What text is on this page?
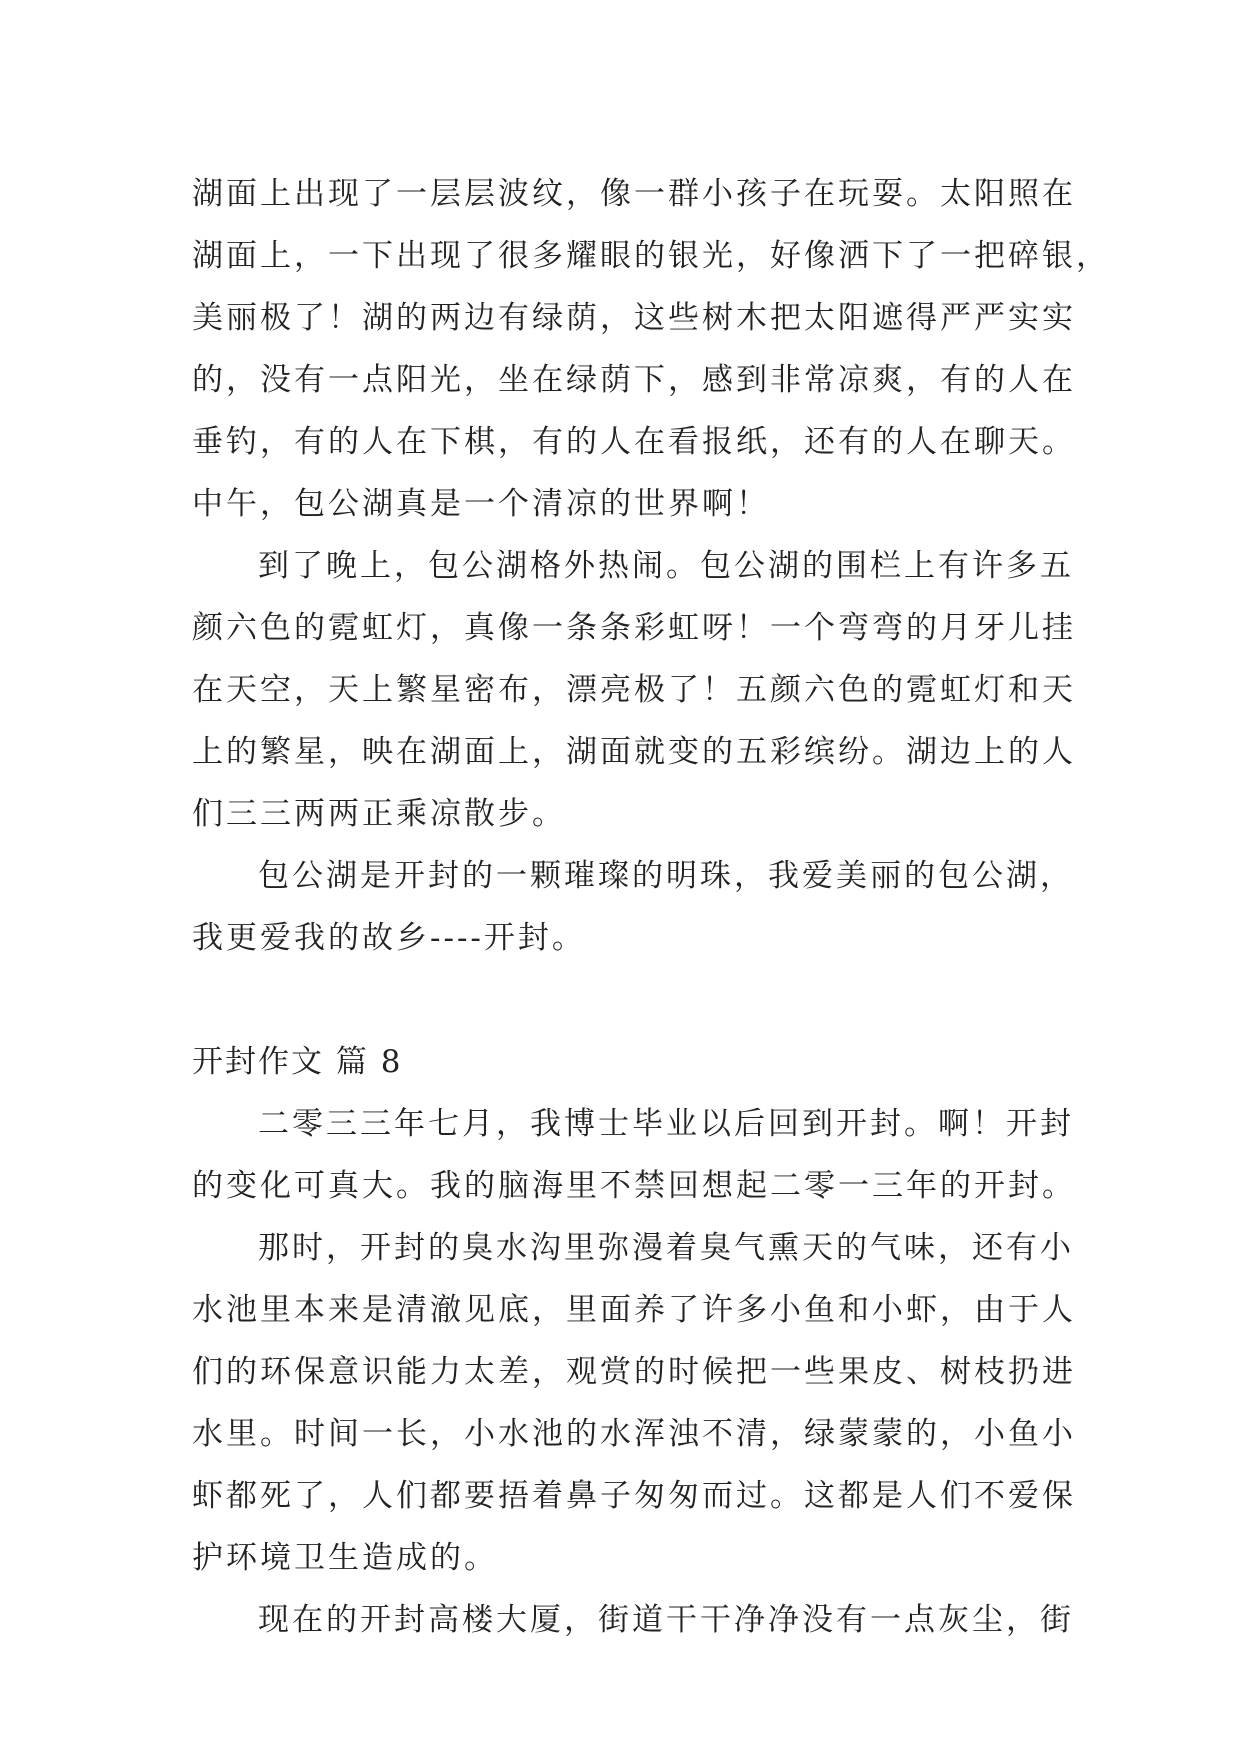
湖面上出现了一层层波纹，像一群小孩子在玩耍。太阳照在
湖面上，一下出现了很多耀眼的银光，好像洒下了一把碎银，
美丽极了！湖的两边有绿荫，这些树木把太阳遮得严严实实
的，没有一点阳光，坐在绿荫下，感到非常凉爽，有的人在
垂钓，有的人在下棋，有的人在看报纸，还有的人在聊天。
中午，包公湖真是一个清凉的世界啊！
到了晚上，包公湖格外热闹。包公湖的围栏上有许多五
颜六色的霓虹灯，真像一条条彩虹呀！一个弯弯的月牙儿挂
在天空，天上繁星密布，漂亮极了！五颜六色的霓虹灯和天
上的繁星，映在湖面上，湖面就变的五彩缤纷。湖边上的人
们三三两两正乘凉散步。
包公湖是开封的一颗璀璨的明珠，我爱美丽的包公湖，
我更爱我的故乡----开封。
开封作文 篇 8
二零三三年七月，我博士毕业以后回到开封。啊！开封
的变化可真大。我的脑海里不禁回想起二零一三年的开封。
那时，开封的臭水沟里弥漫着臭气熏天的气味，还有小
水池里本来是清澈见底，里面养了许多小鱼和小虾，由于人
们的环保意识能力太差，观赏的时候把一些果皮、树枝扔进
水里。时间一长，小水池的水浑浊不清，绿蒙蒙的，小鱼小
虾都死了，人们都要捂着鼻子匆匆而过。这都是人们不爱保
护环境卫生造成的。
现在的开封高楼大厦，街道干干净净没有一点灰尘，街
